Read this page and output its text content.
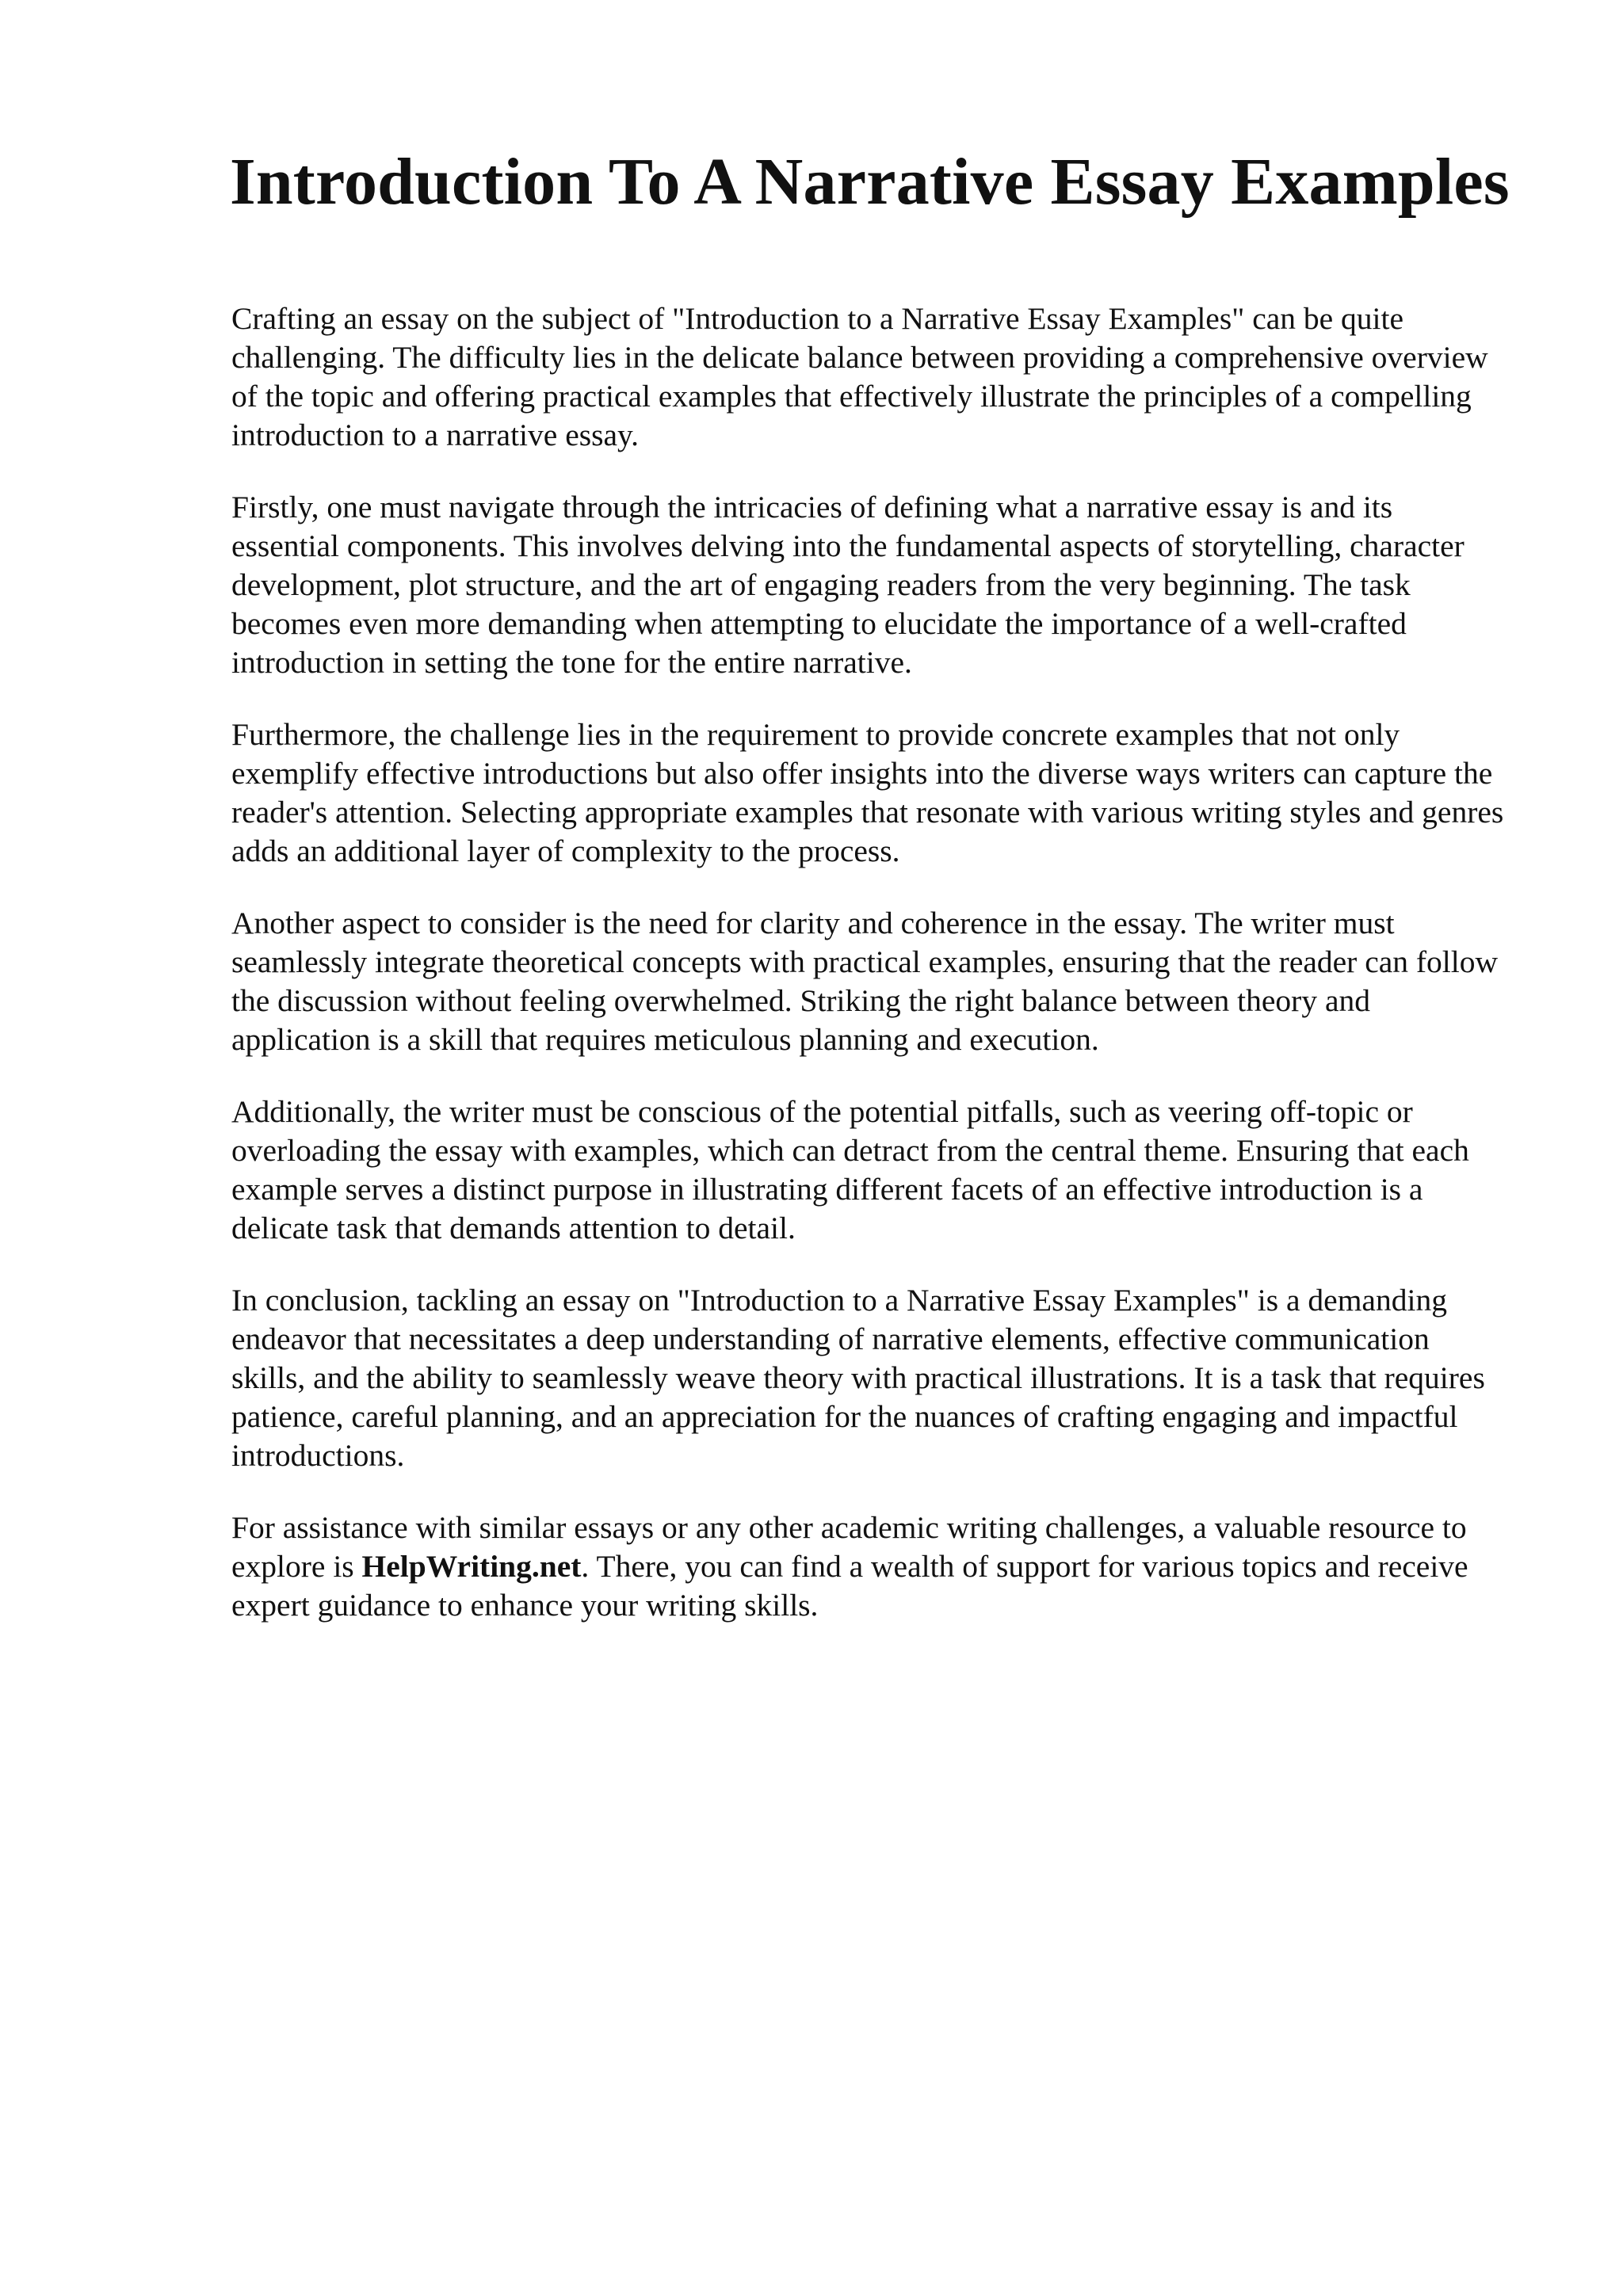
Introduction To A Narrative Essay Examples

Crafting an essay on the subject of "Introduction to a Narrative Essay Examples" can be quite challenging. The difficulty lies in the delicate balance between providing a comprehensive overview of the topic and offering practical examples that effectively illustrate the principles of a compelling introduction to a narrative essay.

Firstly, one must navigate through the intricacies of defining what a narrative essay is and its essential components. This involves delving into the fundamental aspects of storytelling, character development, plot structure, and the art of engaging readers from the very beginning. The task becomes even more demanding when attempting to elucidate the importance of a well-crafted introduction in setting the tone for the entire narrative.

Furthermore, the challenge lies in the requirement to provide concrete examples that not only exemplify effective introductions but also offer insights into the diverse ways writers can capture the reader's attention. Selecting appropriate examples that resonate with various writing styles and genres adds an additional layer of complexity to the process.

Another aspect to consider is the need for clarity and coherence in the essay. The writer must seamlessly integrate theoretical concepts with practical examples, ensuring that the reader can follow the discussion without feeling overwhelmed. Striking the right balance between theory and application is a skill that requires meticulous planning and execution.

Additionally, the writer must be conscious of the potential pitfalls, such as veering off-topic or overloading the essay with examples, which can detract from the central theme. Ensuring that each example serves a distinct purpose in illustrating different facets of an effective introduction is a delicate task that demands attention to detail.

In conclusion, tackling an essay on "Introduction to a Narrative Essay Examples" is a demanding endeavor that necessitates a deep understanding of narrative elements, effective communication skills, and the ability to seamlessly weave theory with practical illustrations. It is a task that requires patience, careful planning, and an appreciation for the nuances of crafting engaging and impactful introductions.

For assistance with similar essays or any other academic writing challenges, a valuable resource to explore is HelpWriting.net. There, you can find a wealth of support for various topics and receive expert guidance to enhance your writing skills.
